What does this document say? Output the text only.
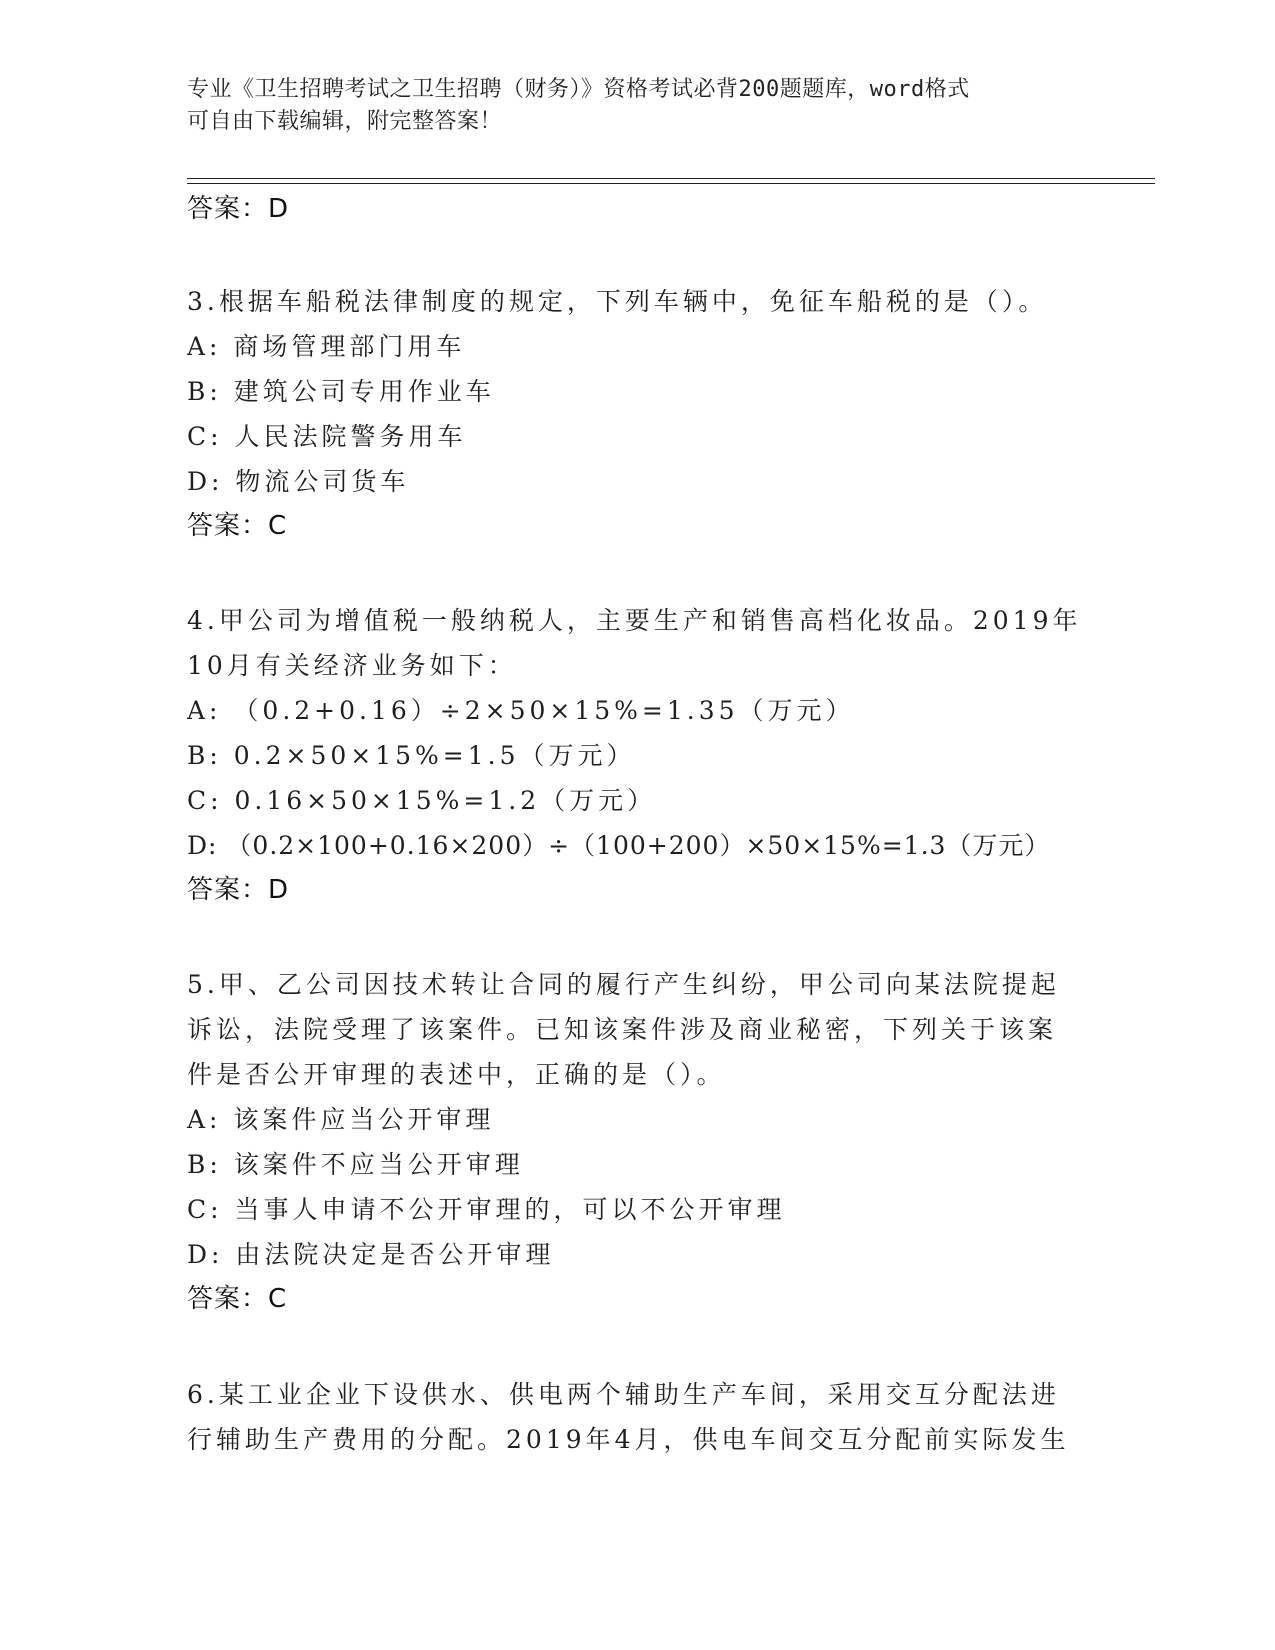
专业《卫生招聘考试之卫生招聘（财务）》资格考试必背200题题库，word格式
可自由下载编辑，附完整答案！
答案：D
3.根据车船税法律制度的规定，下列车辆中，免征车船税的是（）。
A: 商场管理部门用车
B: 建筑公司专用作业车
C: 人民法院警务用车
D: 物流公司货车
答案：C
4.甲公司为增值税一般纳税人，主要生产和销售高档化妆品。2019年
10月有关经济业务如下：
A: （0.2+0.16）÷2×50×15%=1.35（万元）
B: 0.2×50×15%=1.5（万元）
C: 0.16×50×15%=1.2（万元）
D: （0.2×100+0.16×200）÷（100+200）×50×15%=1.3（万元）
答案：D
5.甲、乙公司因技术转让合同的履行产生纠纷，甲公司向某法院提起
诉讼，法院受理了该案件。已知该案件涉及商业秘密，下列关于该案
件是否公开审理的表述中，正确的是（）。
A: 该案件应当公开审理
B: 该案件不应当公开审理
C: 当事人申请不公开审理的，可以不公开审理
D: 由法院决定是否公开审理
答案：C
6.某工业企业下设供水、供电两个辅助生产车间，采用交互分配法进
行辅助生产费用的分配。2019年4月，供电车间交互分配前实际发生
